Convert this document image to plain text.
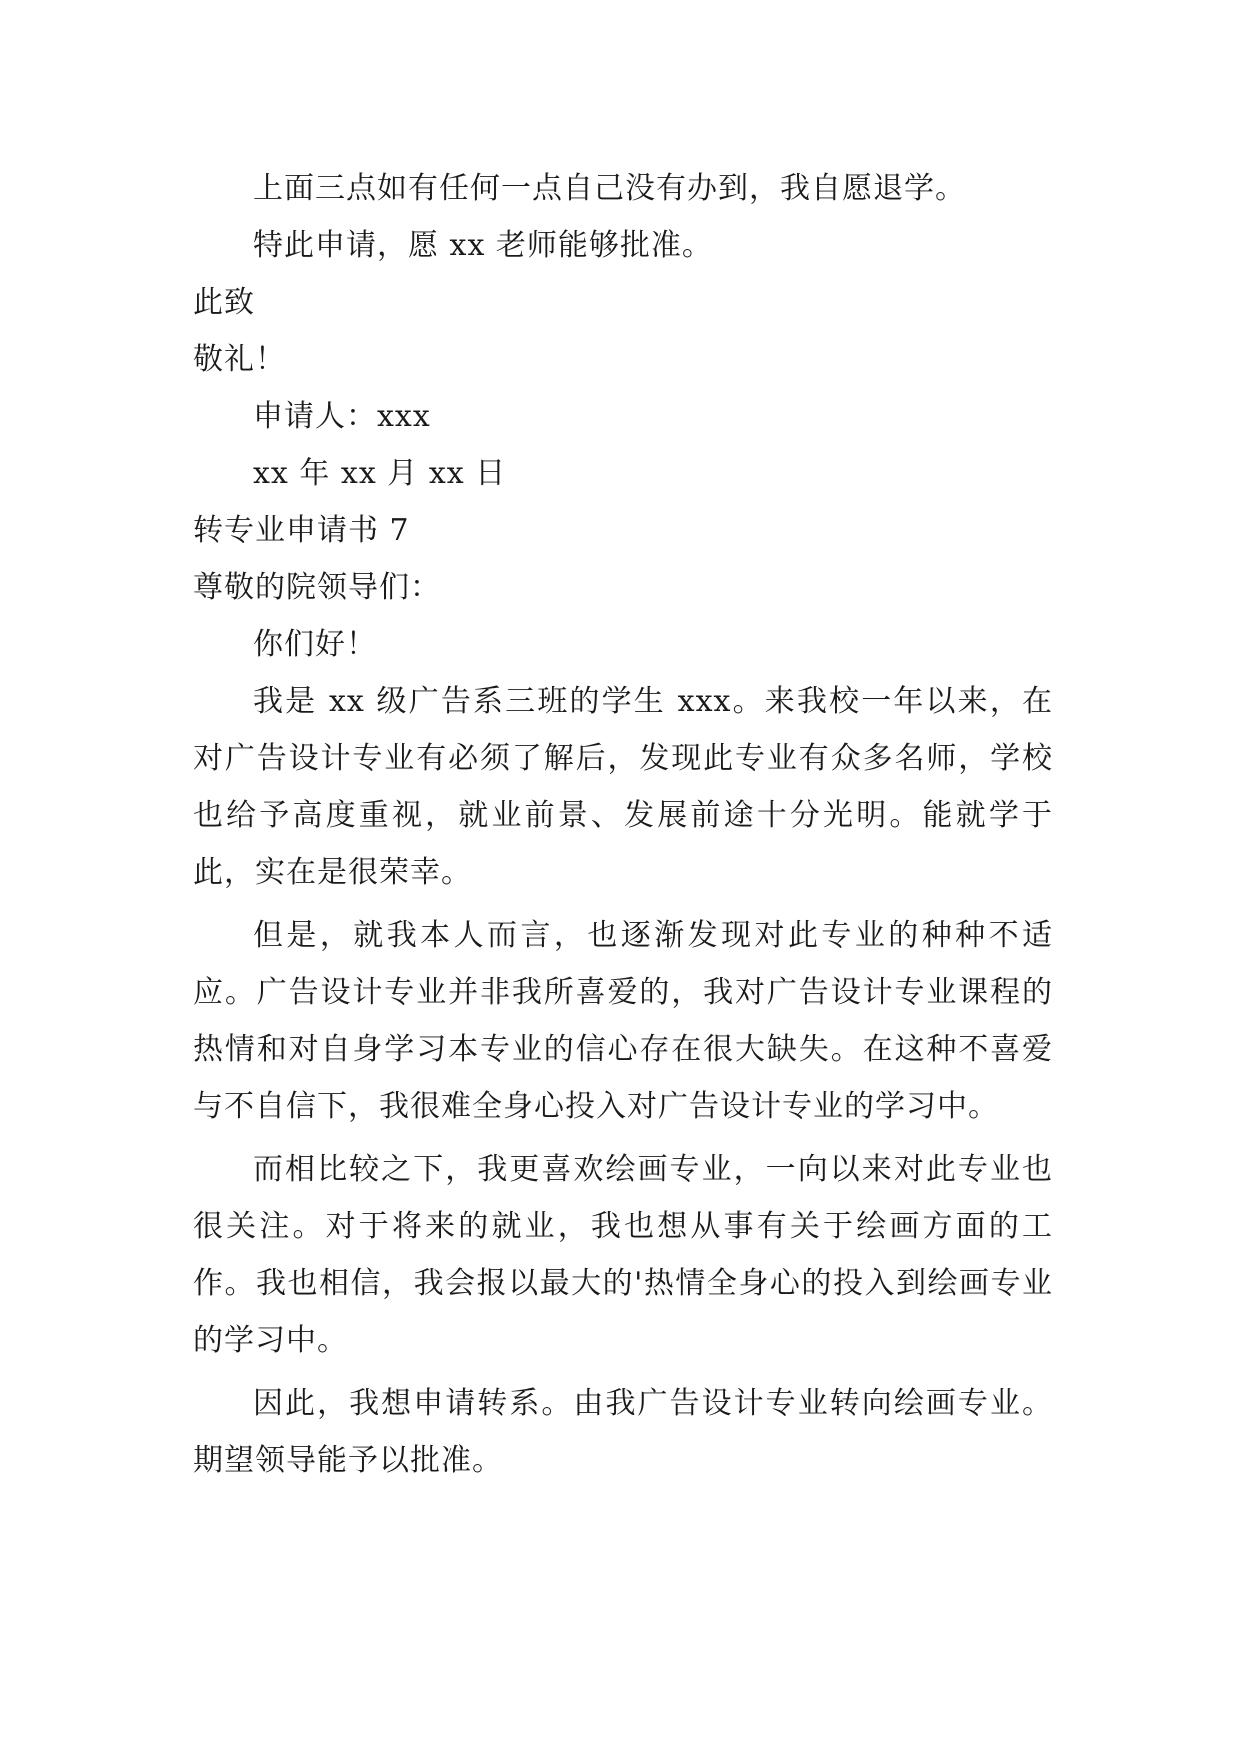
上面三点如有任何一点自己没有办到，我自愿退学。

特此申请，愿 xx 老师能够批准。

此致

敬礼！

申请人：xxx

xx 年 xx 月 xx 日

转专业申请书 7

尊敬的院领导们：

你们好！

我是 xx 级广告系三班的学生 xxx。来我校一年以来，在对广告设计专业有必须了解后，发现此专业有众多名师，学校也给予高度重视，就业前景、发展前途十分光明。能就学于此，实在是很荣幸。

但是，就我本人而言，也逐渐发现对此专业的种种不适应。广告设计专业并非我所喜爱的，我对广告设计专业课程的热情和对自身学习本专业的信心存在很大缺失。在这种不喜爱与不自信下，我很难全身心投入对广告设计专业的学习中。

而相比较之下，我更喜欢绘画专业，一向以来对此专业也很关注。对于将来的就业，我也想从事有关于绘画方面的工作。我也相信，我会报以最大的'热情全身心的投入到绘画专业的学习中。

因此，我想申请转系。由我广告设计专业转向绘画专业。期望领导能予以批准。
